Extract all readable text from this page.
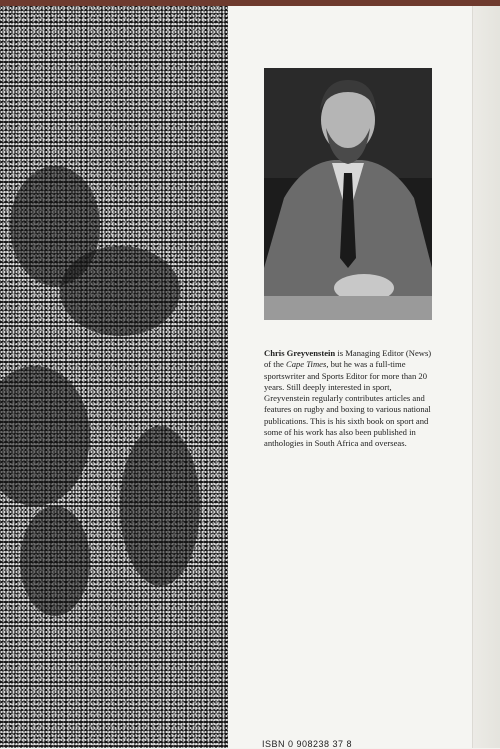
Chris Greyvenstein is Managing Editor (News) of the Cape Times, but he was a full-time sportswriter and Sports Editor for more than 20 years. Still deeply interested in sport, Greyvenstein regularly contributes articles and features on rugby and boxing to various national publications. This is his sixth book on sport and some of his work has also been published in anthologies in South Africa and overseas.

ISBN 0 908238 37 8
